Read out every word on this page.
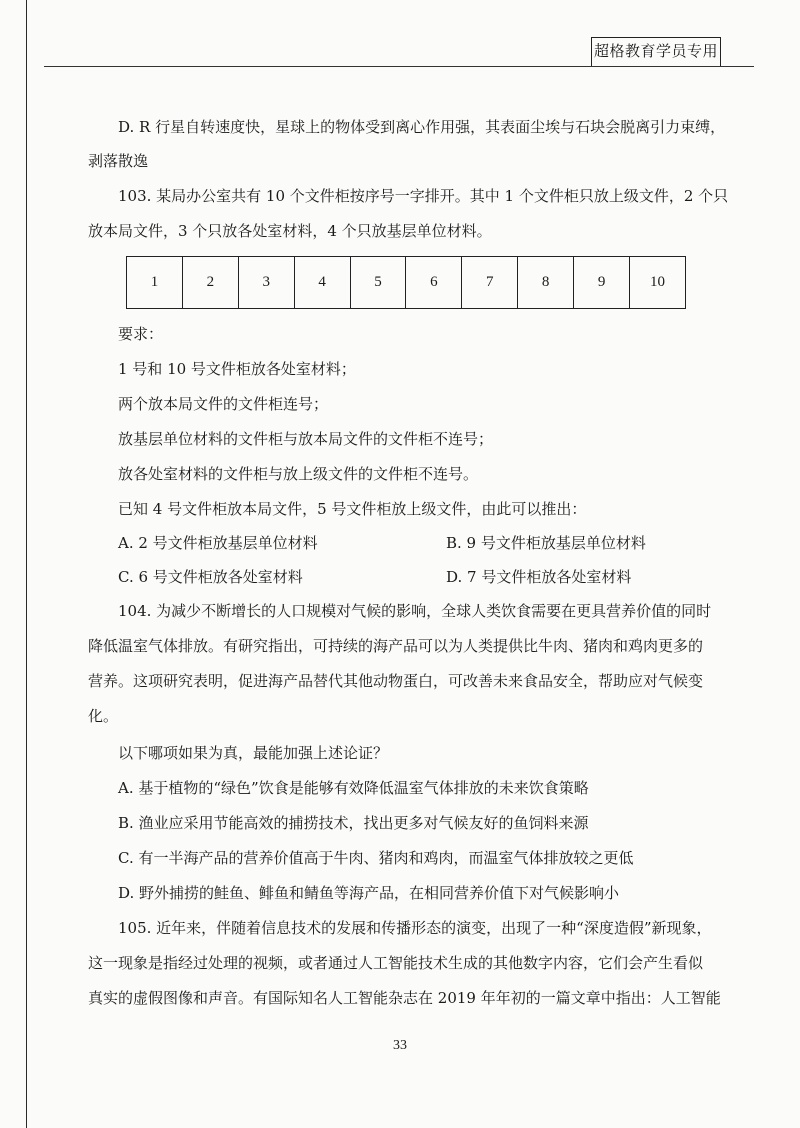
超格教育学员专用

D. R 行星自转速度快，星球上的物体受到离心作用强，其表面尘埃与石块会脱离引力束缚，

剥落散逸

103. 某局办公室共有 10 个文件柜按序号一字排开。其中 1 个文件柜只放上级文件，2 个只

放本局文件，3 个只放各处室材料，4 个只放基层单位材料。

1	2	3	4	5	6	7	8	9	10

要求：

1 号和 10 号文件柜放各处室材料；

两个放本局文件的文件柜连号；

放基层单位材料的文件柜与放本局文件的文件柜不连号；

放各处室材料的文件柜与放上级文件的文件柜不连号。

已知 4 号文件柜放本局文件，5 号文件柜放上级文件，由此可以推出：

A. 2 号文件柜放基层单位材料	B. 9 号文件柜放基层单位材料

C. 6 号文件柜放各处室材料	D. 7 号文件柜放各处室材料

104. 为减少不断增长的人口规模对气候的影响，全球人类饮食需要在更具营养价值的同时

降低温室气体排放。有研究指出，可持续的海产品可以为人类提供比牛肉、猪肉和鸡肉更多的

营养。这项研究表明，促进海产品替代其他动物蛋白，可改善未来食品安全，帮助应对气候变

化。

以下哪项如果为真，最能加强上述论证？

A. 基于植物的“绿色”饮食是能够有效降低温室气体排放的未来饮食策略

B. 渔业应采用节能高效的捕捞技术，找出更多对气候友好的鱼饲料来源

C. 有一半海产品的营养价值高于牛肉、猪肉和鸡肉，而温室气体排放较之更低

D. 野外捕捞的鲑鱼、鲱鱼和鲭鱼等海产品，在相同营养价值下对气候影响小

105. 近年来，伴随着信息技术的发展和传播形态的演变，出现了一种“深度造假”新现象，

这一现象是指经过处理的视频，或者通过人工智能技术生成的其他数字内容，它们会产生看似

真实的虚假图像和声音。有国际知名人工智能杂志在 2019 年年初的一篇文章中指出：人工智能

33
